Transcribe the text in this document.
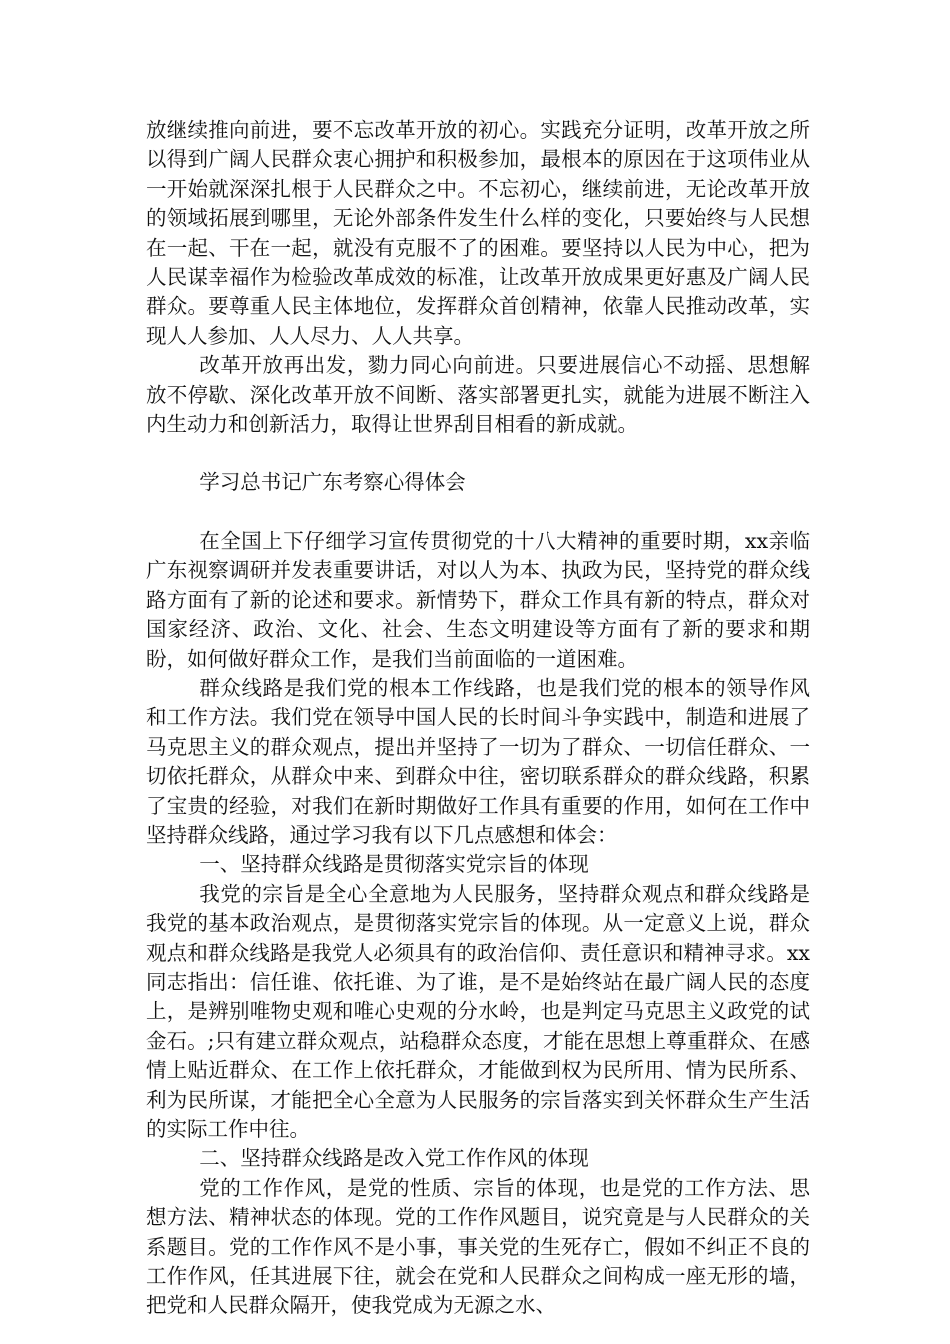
放继续推向前进，要不忘改革开放的初心。实践充分证明，改革开放之所以得到广阔人民群众衷心拥护和积极参加，最根本的原因在于这项伟业从一开始就深深扎根于人民群众之中。不忘初心，继续前进，无论改革开放的领域拓展到哪里，无论外部条件发生什么样的变化，只要始终与人民想在一起、干在一起，就没有克服不了的困难。要坚持以人民为中心，把为人民谋幸福作为检验改革成效的标准，让改革开放成果更好惠及广阔人民群众。要尊重人民主体地位，发挥群众首创精神，依靠人民推动改革，实现人人参加、人人尽力、人人共享。

改革开放再出发，勠力同心向前进。只要进展信心不动摇、思想解放不停歇、深化改革开放不间断、落实部署更扎实，就能为进展不断注入内生动力和创新活力，取得让世界刮目相看的新成就。

学习总书记广东考察心得体会

在全国上下仔细学习宣传贯彻党的十八大精神的重要时期，xx亲临广东视察调研并发表重要讲话，对以人为本、执政为民，坚持党的群众线路方面有了新的论述和要求。新情势下，群众工作具有新的特点，群众对国家经济、政治、文化、社会、生态文明建设等方面有了新的要求和期盼，如何做好群众工作，是我们当前面临的一道困难。

群众线路是我们党的根本工作线路，也是我们党的根本的领导作风和工作方法。我们党在领导中国人民的长时间斗争实践中，制造和进展了马克思主义的群众观点，提出并坚持了一切为了群众、一切信任群众、一切依托群众，从群众中来、到群众中往，密切联系群众的群众线路，积累了宝贵的经验，对我们在新时期做好工作具有重要的作用，如何在工作中坚持群众线路，通过学习我有以下几点感想和体会：

一、坚持群众线路是贯彻落实党宗旨的体现

我党的宗旨是全心全意地为人民服务，坚持群众观点和群众线路是我党的基本政治观点，是贯彻落实党宗旨的体现。从一定意义上说，群众观点和群众线路是我党人必须具有的政治信仰、责任意识和精神寻求。xx同志指出：信任谁、依托谁、为了谁，是不是始终站在最广阔人民的态度上，是辨别唯物史观和唯心史观的分水岭，也是判定马克思主义政党的试金石。;只有建立群众观点，站稳群众态度，才能在思想上尊重群众、在感情上贴近群众、在工作上依托群众，才能做到权为民所用、情为民所系、利为民所谋，才能把全心全意为人民服务的宗旨落实到关怀群众生产生活的实际工作中往。

二、坚持群众线路是改入党工作作风的体现

党的工作作风，是党的性质、宗旨的体现，也是党的工作方法、思想方法、精神状态的体现。党的工作作风题目，说究竟是与人民群众的关系题目。党的工作作风不是小事，事关党的生死存亡，假如不纠正不良的工作作风，任其进展下往，就会在党和人民群众之间构成一座无形的墙，把党和人民群众隔开，使我党成为无源之水、
